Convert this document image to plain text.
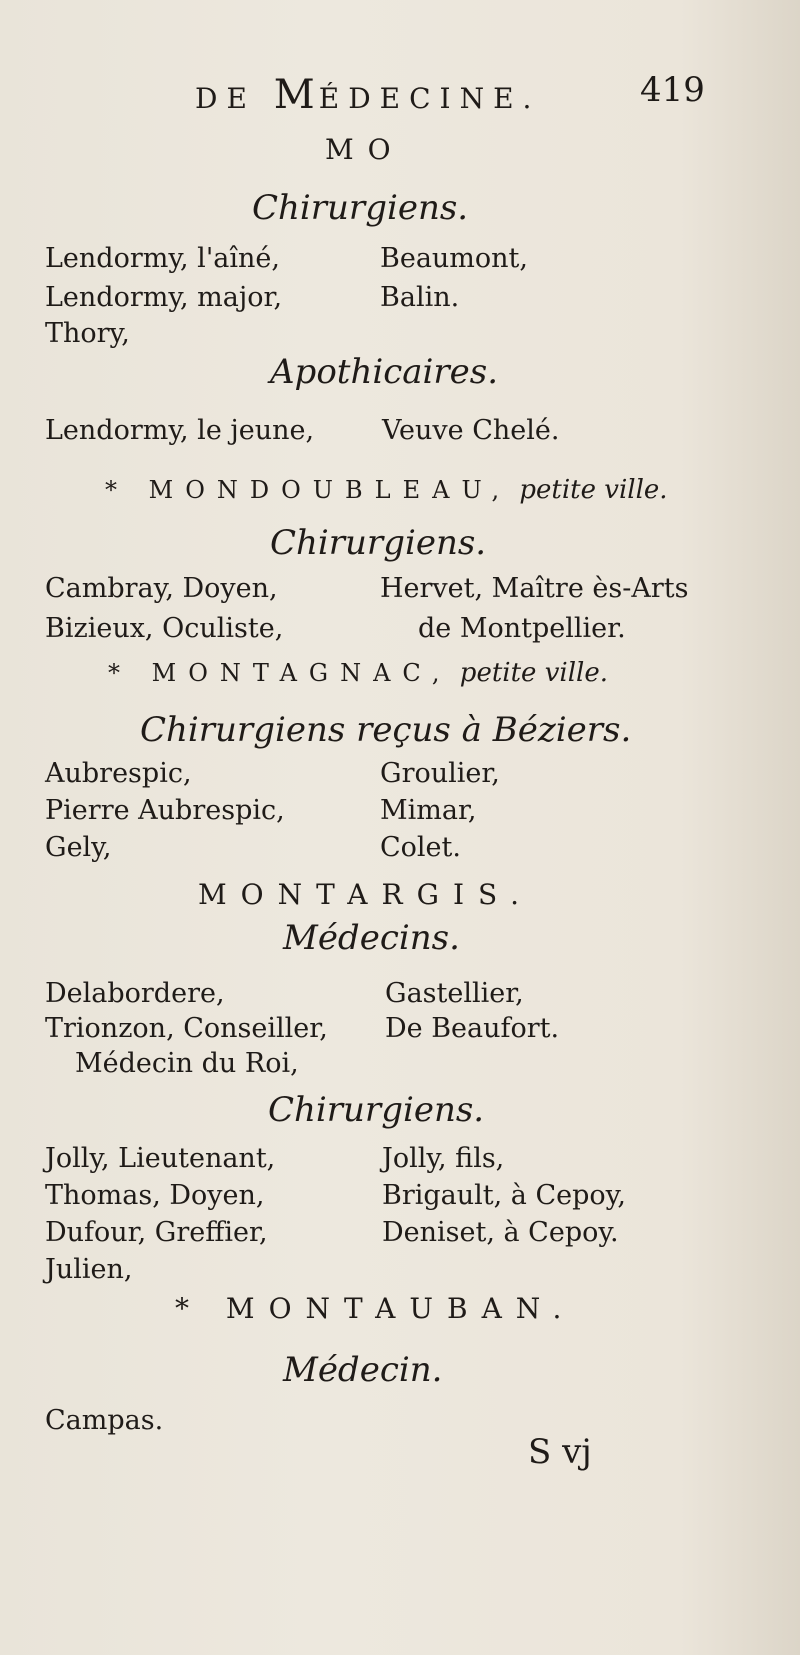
DE MÉDECINE.	419
MO
Chirurgiens.
Lendormy, l'aîné,
Lendormy, major,
Thory,
Beaumont,
Balin.
Apothicaires.
Lendormy, le jeune,	Veuve Chelé.
* MONDOUBLEAU, petite ville.
Chirurgiens.
Cambray, Doyen,
Bizieux, Oculiste,
Hervet, Maître ès-Arts
de Montpellier.
* MONTAGNAC, petite ville.
Chirurgiens reçus à Béziers.
Aubrespic,
Pierre Aubrespic,
Gely,
Groulier,
Mimar,
Colet.
MONTARGIS.
Médecins.
Delabordere,
Trionzon, Conseiller,
Médecin du Roi,
Gastellier,
De Beaufort.
Chirurgiens.
Jolly, Lieutenant,
Thomas, Doyen,
Dufour, Greffier,
Julien,
Jolly, fils,
Brigault, à Cepoy,
Deniset, à Cepoy.
* MONTAUBAN.
Médecin.
Campas.
S vj
